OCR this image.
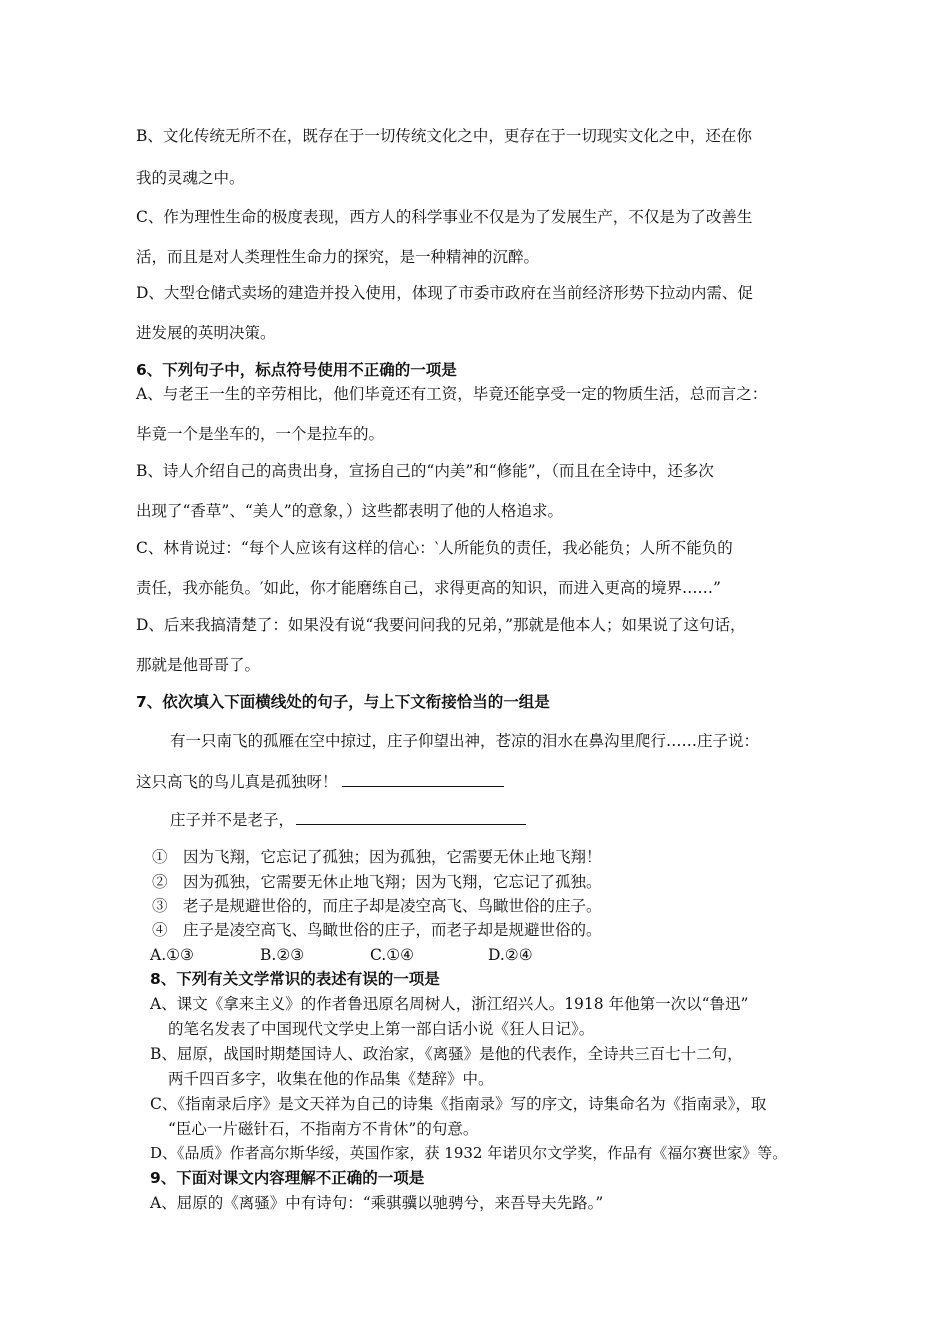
B、文化传统无所不在，既存在于一切传统文化之中，更存在于一切现实文化之中，还在你
我的灵魂之中。
C、作为理性生命的极度表现，西方人的科学事业不仅是为了发展生产，不仅是为了改善生
活，而且是对人类理性生命力的探究，是一种精神的沉醉。
D、大型仓储式卖场的建造并投入使用，体现了市委市政府在当前经济形势下拉动内需、促
进发展的英明决策。
6、下列句子中，标点符号使用不正确的一项是
A、与老王一生的辛劳相比，他们毕竟还有工资，毕竟还能享受一定的物质生活，总而言之：
毕竟一个是坐车的，一个是拉车的。
B、诗人介绍自己的高贵出身，宣扬自己的“内美”和“修能”，（而且在全诗中，还多次
出现了“香草”、“美人”的意象，）这些都表明了他的人格追求。
C、林肯说过：“每个人应该有这样的信心：‵人所能负的责任，我必能负；人所不能负的
责任，我亦能负。′如此，你才能磨练自己，求得更高的知识，而进入更高的境界……”
D、后来我搞清楚了：如果没有说“我要问问我的兄弟，”那就是他本人；如果说了这句话，
那就是他哥哥了。
7、依次填入下面横线处的句子，与上下文衔接恰当的一组是
有一只南飞的孤雁在空中掠过，庄子仰望出神，苍凉的泪水在鼻沟里爬行……庄子说：
这只高飞的鸟儿真是孤独呀！
庄子并不是老子，
①　因为飞翔，它忘记了孤独；因为孤独，它需要无休止地飞翔！
②　因为孤独，它需要无休止地飞翔；因为飞翔，它忘记了孤独。
③　老子是规避世俗的，而庄子却是凌空高飞、鸟瞰世俗的庄子。
④　庄子是凌空高飞、鸟瞰世俗的庄子，而老子却是规避世俗的。
A.①③	B.②③	C.①④	D.②④
8、下列有关文学常识的表述有误的一项是
A、课文《拿来主义》的作者鲁迅原名周树人，浙江绍兴人。1918 年他第一次以“鲁迅”
的笔名发表了中国现代文学史上第一部白话小说《狂人日记》。
B、屈原，战国时期楚国诗人、政治家，《离骚》是他的代表作，全诗共三百七十二句，
两千四百多字，收集在他的作品集《楚辞》中。
C、《指南录后序》是文天祥为自己的诗集《指南录》写的序文，诗集命名为《指南录》，取
“臣心一片磁针石，不指南方不肯休”的句意。
D、《品质》作者高尔斯华绥，英国作家，获 1932 年诺贝尔文学奖，作品有《福尔赛世家》等。
9、下面对课文内容理解不正确的一项是
A、屈原的《离骚》中有诗句：“乘骐骥以驰骋兮，来吾导夫先路。”
